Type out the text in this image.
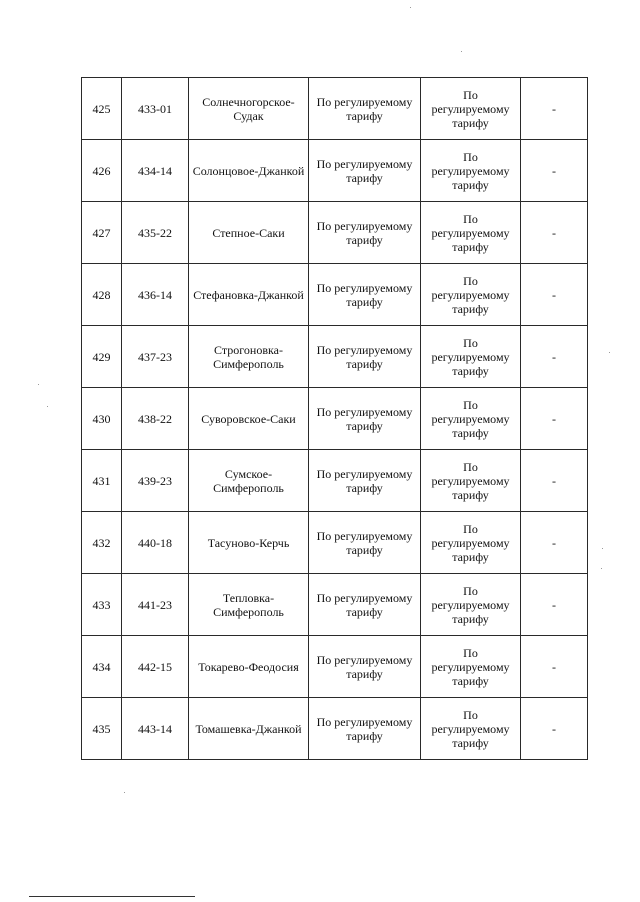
425	433-01	Солнечногорское-Судак	По регулируемому тарифу	По регулируемому тарифу	-
426	434-14	Солонцовое-Джанкой	По регулируемому тарифу	По регулируемому тарифу	-
427	435-22	Степное-Саки	По регулируемому тарифу	По регулируемому тарифу	-
428	436-14	Стефановка-Джанкой	По регулируемому тарифу	По регулируемому тарифу	-
429	437-23	Строгоновка-Симферополь	По регулируемому тарифу	По регулируемому тарифу	-
430	438-22	Суворовское-Саки	По регулируемому тарифу	По регулируемому тарифу	-
431	439-23	Сумское-Симферополь	По регулируемому тарифу	По регулируемому тарифу	-
432	440-18	Тасуново-Керчь	По регулируемому тарифу	По регулируемому тарифу	-
433	441-23	Тепловка-Симферополь	По регулируемому тарифу	По регулируемому тарифу	-
434	442-15	Токарево-Феодосия	По регулируемому тарифу	По регулируемому тарифу	-
435	443-14	Томашевка-Джанкой	По регулируемому тарифу	По регулируемому тарифу	-
